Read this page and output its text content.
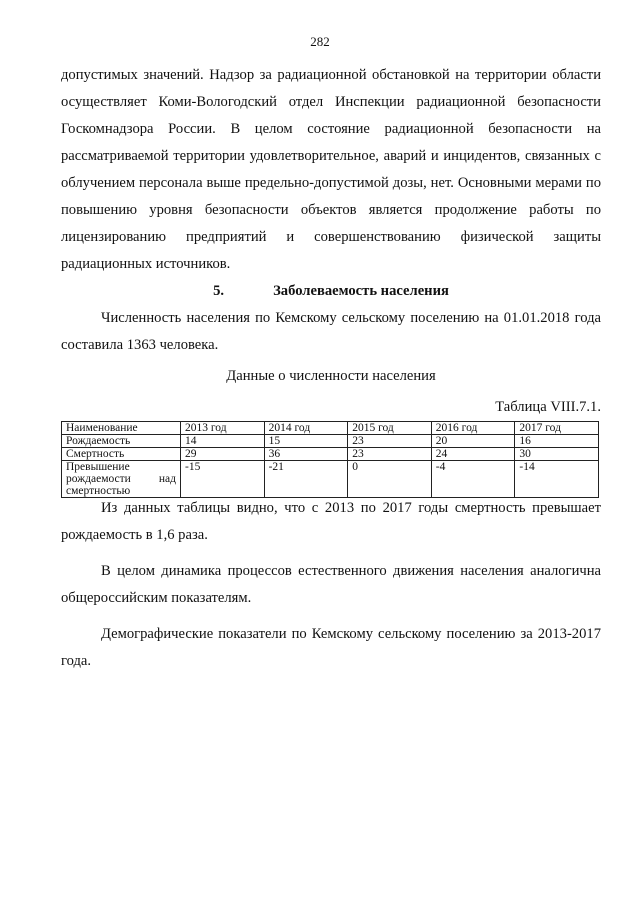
282

допустимых значений. Надзор за радиационной обстановкой на территории области осуществляет Коми-Вологодский отдел Инспекции радиационной безопасности Госкомнадзора России. В целом состояние радиационной безопасности на рассматриваемой территории удовлетворительное, аварий и инцидентов, связанных с облучением персонала выше предельно-допустимой дозы, нет. Основными мерами по повышению уровня безопасности объектов является продолжение работы по лицензированию предприятий и совершенствованию физической защиты радиационных источников.

5.	Заболеваемость населения

Численность населения по Кемскому сельскому поселению на 01.01.2018 года составила 1363 человека.

Данные о численности населения
Таблица VIII.7.1.
Наименование	2013 год	2014 год	2015 год	2016 год	2017 год
Рождаемость	14	15	23	20	16
Смертность	29	36	23	24	30
Превышение рождаемости над смертностью	-15	-21	0	-4	-14

Из данных таблицы видно, что с 2013 по 2017 годы смертность превышает рождаемость в 1,6 раза.

В целом динамика процессов естественного движения населения аналогична общероссийским показателям.

Демографические показатели по Кемскому сельскому поселению за 2013-2017 года.
